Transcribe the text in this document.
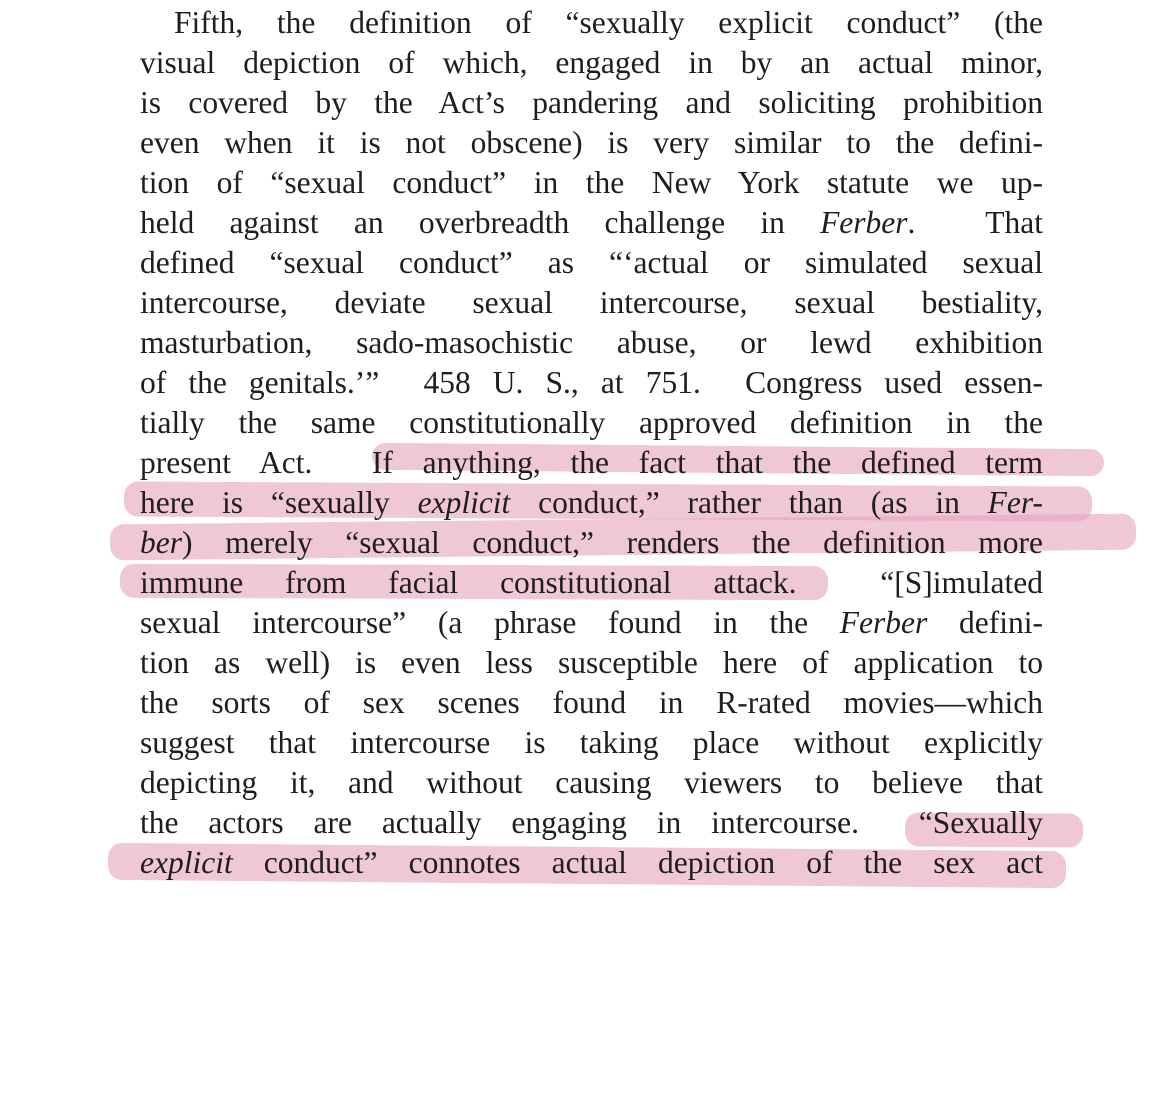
Fifth, the definition of “sexually explicit conduct” (the
visual depiction of which, engaged in by an actual minor,
is covered by the Act’s pandering and soliciting prohibition
even when it is not obscene) is very similar to the defini-
tion of “sexual conduct” in the New York statute we up-
held against an overbreadth challenge in Ferber.  That
defined “sexual conduct” as “‘actual or simulated sexual
intercourse, deviate sexual intercourse, sexual bestiality,
masturbation, sado-masochistic abuse, or lewd exhibition
of the genitals.’”  458 U. S., at 751.  Congress used essen-
tially the same constitutionally approved definition in the
present Act.  If anything, the fact that the defined term
here is “sexually explicit conduct,” rather than (as in Fer-
ber) merely “sexual conduct,” renders the definition more
immune from facial constitutional attack.  “[S]imulated
sexual intercourse” (a phrase found in the Ferber defini-
tion as well) is even less susceptible here of application to
the sorts of sex scenes found in R-rated movies—which
suggest that intercourse is taking place without explicitly
depicting it, and without causing viewers to believe that
the actors are actually engaging in intercourse.  “Sexually
explicit conduct” connotes actual depiction of the sex act
